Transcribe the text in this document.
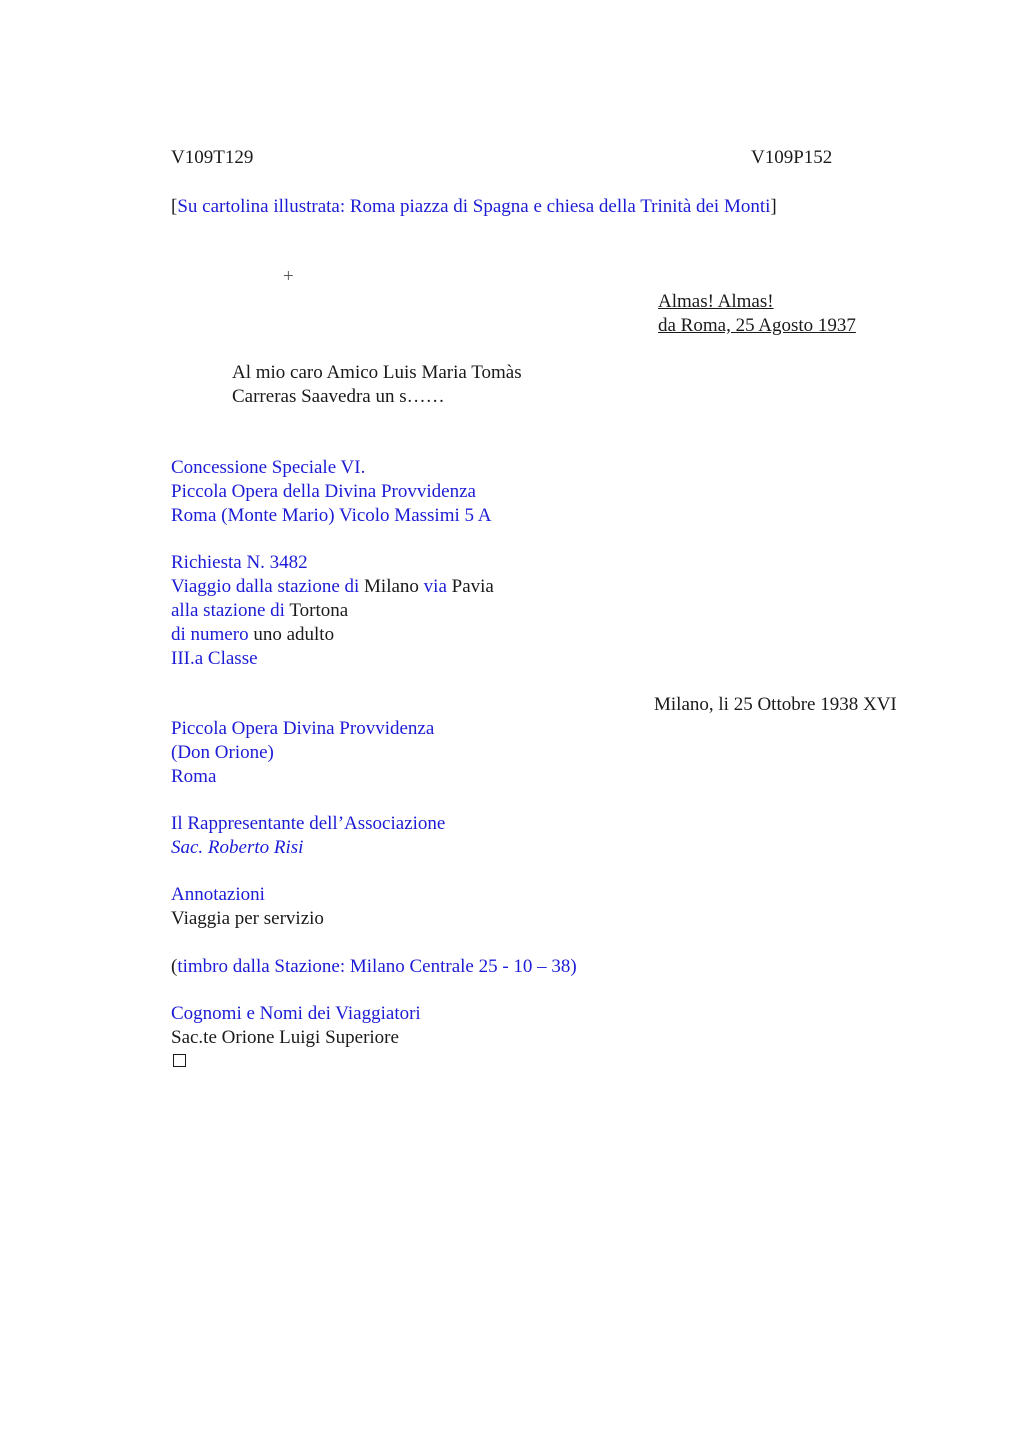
V109T129	V109P152
[Su cartolina illustrata: Roma piazza di Spagna e chiesa della Trinità dei Monti]
+
Almas! Almas!
da Roma, 25 Agosto 1937
Al mio caro Amico Luis Maria Tomàs
Carreras Saavedra un s……
Concessione Speciale VI.
Piccola Opera della Divina Provvidenza
Roma (Monte Mario) Vicolo Massimi 5 A
Richiesta N. 3482
Viaggio dalla stazione di Milano via Pavia
alla stazione di Tortona
di numero uno adulto
III.a Classe
Milano, li 25 Ottobre 1938 XVI
Piccola Opera Divina Provvidenza
(Don Orione)
Roma
Il Rappresentante dell’Associazione
Sac. Roberto Risi
Annotazioni
Viaggia per servizio
(timbro dalla Stazione: Milano Centrale 25 - 10 – 38)
Cognomi e Nomi dei Viaggiatori
Sac.te Orione Luigi Superiore
